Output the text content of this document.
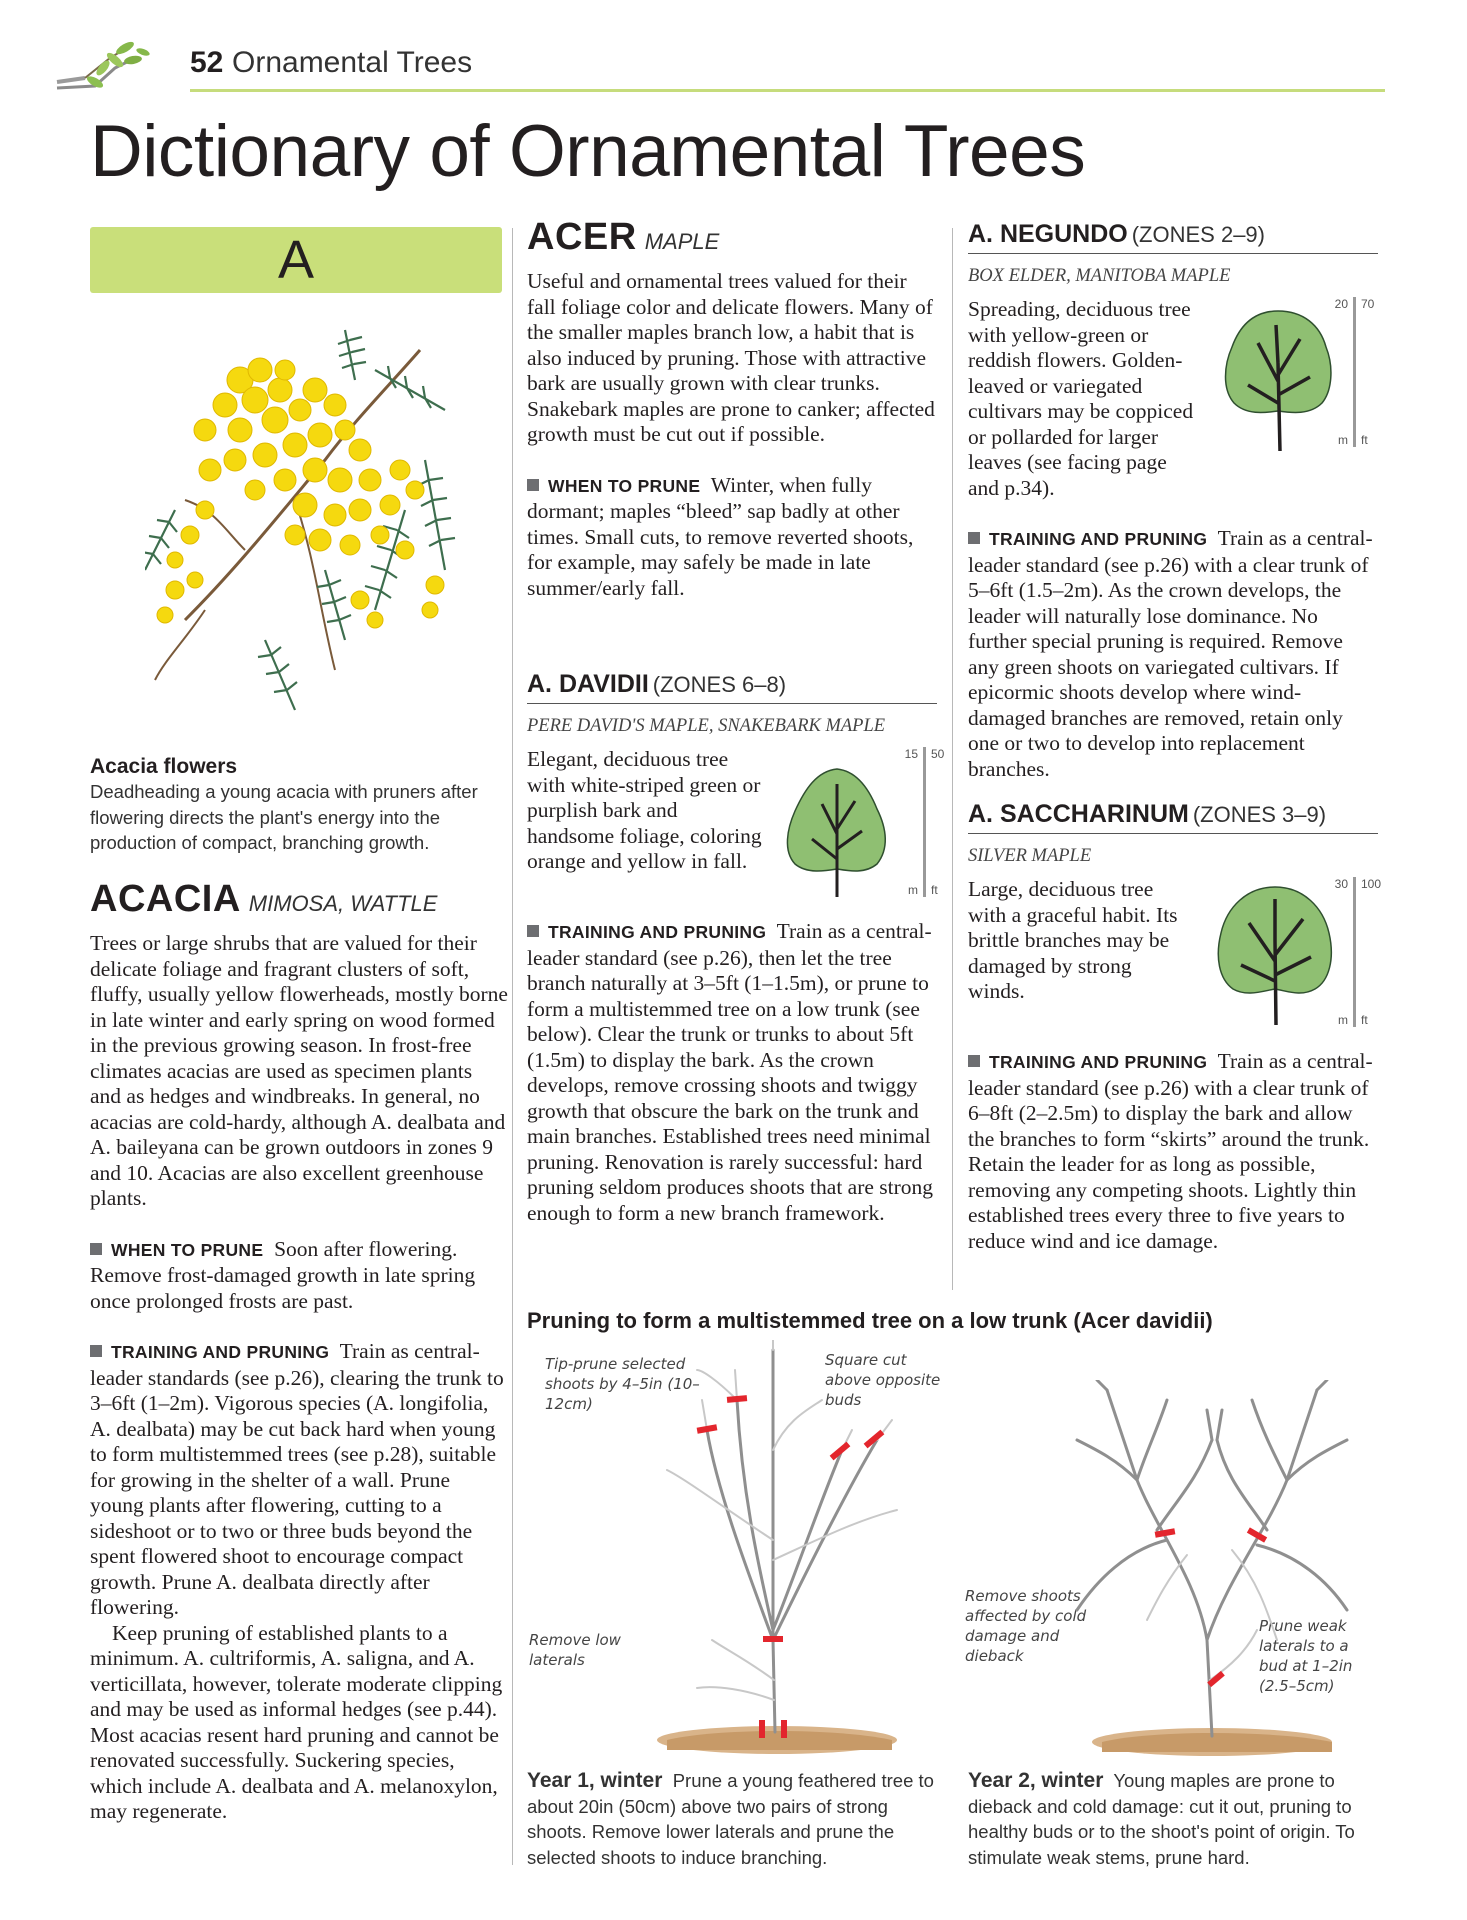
52 Ornamental Trees
Dictionary of Ornamental Trees
A
Acacia flowers
Deadheading a young acacia with pruners after flowering directs the plant's energy into the production of compact, branching growth.
ACACIA MIMOSA, WATTLE

Trees or large shrubs that are valued for their delicate foliage and fragrant clusters of soft, fluffy, usually yellow flowerheads, mostly borne in late winter and early spring on wood formed in the previous growing season. In frost-free climates acacias are used as specimen plants and as hedges and windbreaks. In general, no acacias are cold-hardy, although A. dealbata and A. baileyana can be grown outdoors in zones 9 and 10. Acacias are also excellent greenhouse plants.

WHEN TO PRUNE Soon after flowering. Remove frost-damaged growth in late spring once prolonged frosts are past.

TRAINING AND PRUNING Train as central-leader standards (see p.26), clearing the trunk to 3–6ft (1–2m). Vigorous species (A. longifolia, A. dealbata) may be cut back hard when young to form multistemmed trees (see p.28), suitable for growing in the shelter of a wall. Prune young plants after flowering, cutting to a sideshoot or to two or three buds beyond the spent flowered shoot to encourage compact growth. Prune A. dealbata directly after flowering.

Keep pruning of established plants to a minimum. A. cultriformis, A. saligna, and A. verticillata, however, tolerate moderate clipping and may be used as informal hedges (see p.44). Most acacias resent hard pruning and cannot be renovated successfully. Suckering species, which include A. dealbata and A. melanoxylon, may regenerate.

ACER MAPLE

Useful and ornamental trees valued for their fall foliage color and delicate flowers. Many of the smaller maples branch low, a habit that is also induced by pruning. Those with attractive bark are usually grown with clear trunks. Snakebark maples are prone to canker; affected growth must be cut out if possible.

WHEN TO PRUNE Winter, when fully dormant; maples “bleed” sap badly at other times. Small cuts, to remove reverted shoots, for example, may safely be made in late summer/early fall.

A. DAVIDII (ZONES 6–8)
PERE DAVID'S MAPLE, SNAKEBARK MAPLE

Elegant, deciduous tree with white-striped green or purplish bark and handsome foliage, coloring orange and yellow in fall.

15 50
m ft

TRAINING AND PRUNING Train as a central-leader standard (see p.26), then let the tree branch naturally at 3–5ft (1–1.5m), or prune to form a multistemmed tree on a low trunk (see below). Clear the trunk or trunks to about 5ft (1.5m) to display the bark. As the crown develops, remove crossing shoots and twiggy growth that obscure the bark on the trunk and main branches. Established trees need minimal pruning. Renovation is rarely successful: hard pruning seldom produces shoots that are strong enough to form a new branch framework.

A. NEGUNDO (ZONES 2–9)
BOX ELDER, MANITOBA MAPLE
20 70
m ft

Spreading, deciduous tree with yellow-green or reddish flowers. Golden-leaved or variegated cultivars may be coppiced or pollarded for larger leaves (see facing page and p.34).

TRAINING AND PRUNING Train as a central-leader standard (see p.26) with a clear trunk of 5–6ft (1.5–2m). As the crown develops, the leader will naturally lose dominance. No further special pruning is required. Remove any green shoots on variegated cultivars. If epicormic shoots develop where wind-damaged branches are removed, retain only one or two to develop into replacement branches.

A. SACCHARINUM (ZONES 3–9)
SILVER MAPLE

Large, deciduous tree with a graceful habit. Its brittle branches may be damaged by strong winds.

30 100
m ft

TRAINING AND PRUNING Train as a central-leader standard (see p.26) with a clear trunk of 6–8ft (2–2.5m) to display the bark and allow the branches to form “skirts” around the trunk. Retain the leader for as long as possible, removing any competing shoots. Lightly thin established trees every three to five years to reduce wind and ice damage.

Pruning to form a multistemmed tree on a low trunk (Acer davidii)
Tip-prune selected shoots by 4–5in (10–12cm)
Square cut above opposite buds
Remove low laterals
Remove shoots affected by cold damage and dieback
Prune weak laterals to a bud at 1–2in (2.5–5cm)

Year 1, winter Prune a young feathered tree to about 20in (50cm) above two pairs of strong shoots. Remove lower laterals and prune the selected shoots to induce branching.

Year 2, winter Young maples are prone to dieback and cold damage: cut it out, pruning to healthy buds or to the shoot's point of origin. To stimulate weak stems, prune hard.
